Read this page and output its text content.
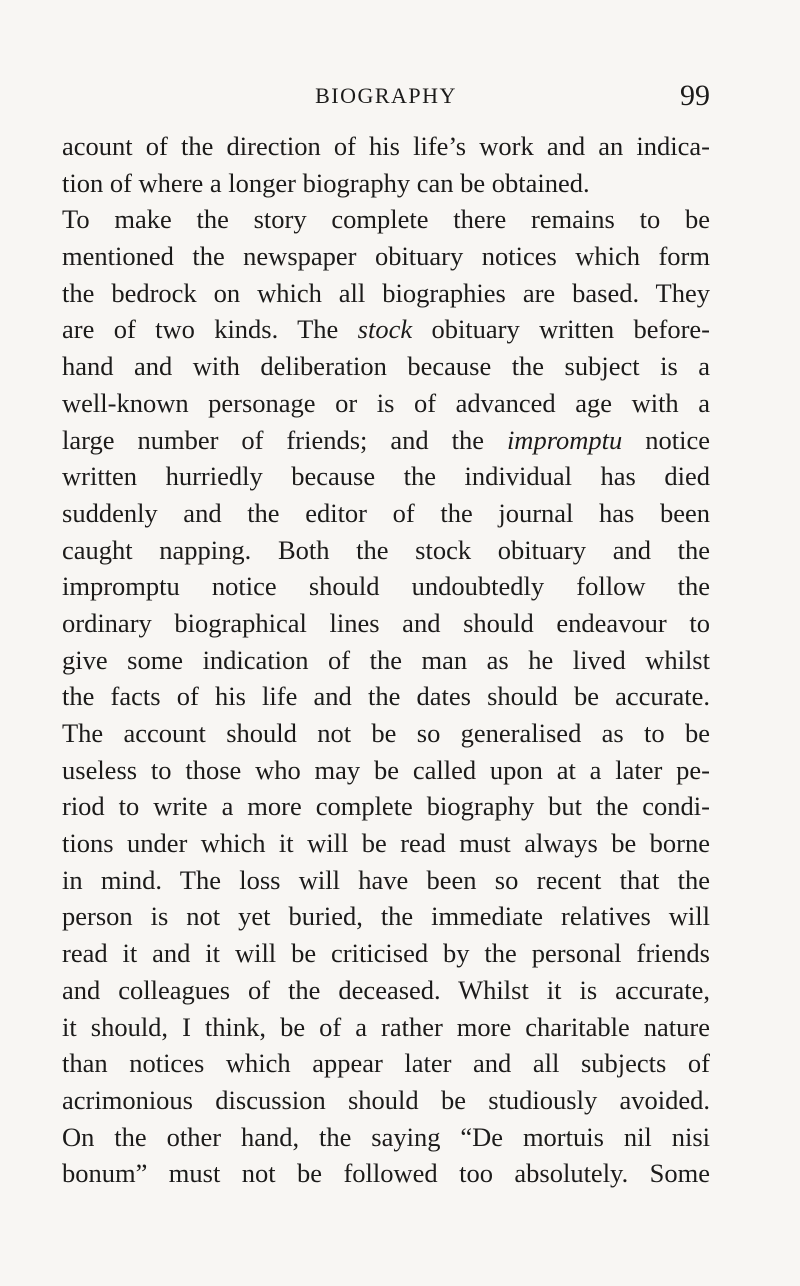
BIOGRAPHY	99
acount of the direction of his life’s work and an indica-
tion of where a longer biography can be obtained.
To make the story complete there remains to be
mentioned the newspaper obituary notices which form
the bedrock on which all biographies are based. They
are of two kinds. The stock obituary written before-
hand and with deliberation because the subject is a
well-known personage or is of advanced age with a
large number of friends; and the impromptu notice
written hurriedly because the individual has died
suddenly and the editor of the journal has been
caught napping. Both the stock obituary and the
impromptu notice should undoubtedly follow the
ordinary biographical lines and should endeavour to
give some indication of the man as he lived whilst
the facts of his life and the dates should be accurate.
The account should not be so generalised as to be
useless to those who may be called upon at a later pe-
riod to write a more complete biography but the condi-
tions under which it will be read must always be borne
in mind. The loss will have been so recent that the
person is not yet buried, the immediate relatives will
read it and it will be criticised by the personal friends
and colleagues of the deceased. Whilst it is accurate,
it should, I think, be of a rather more charitable nature
than notices which appear later and all subjects of
acrimonious discussion should be studiously avoided.
On the other hand, the saying “De mortuis nil nisi
bonum” must not be followed too absolutely. Some
